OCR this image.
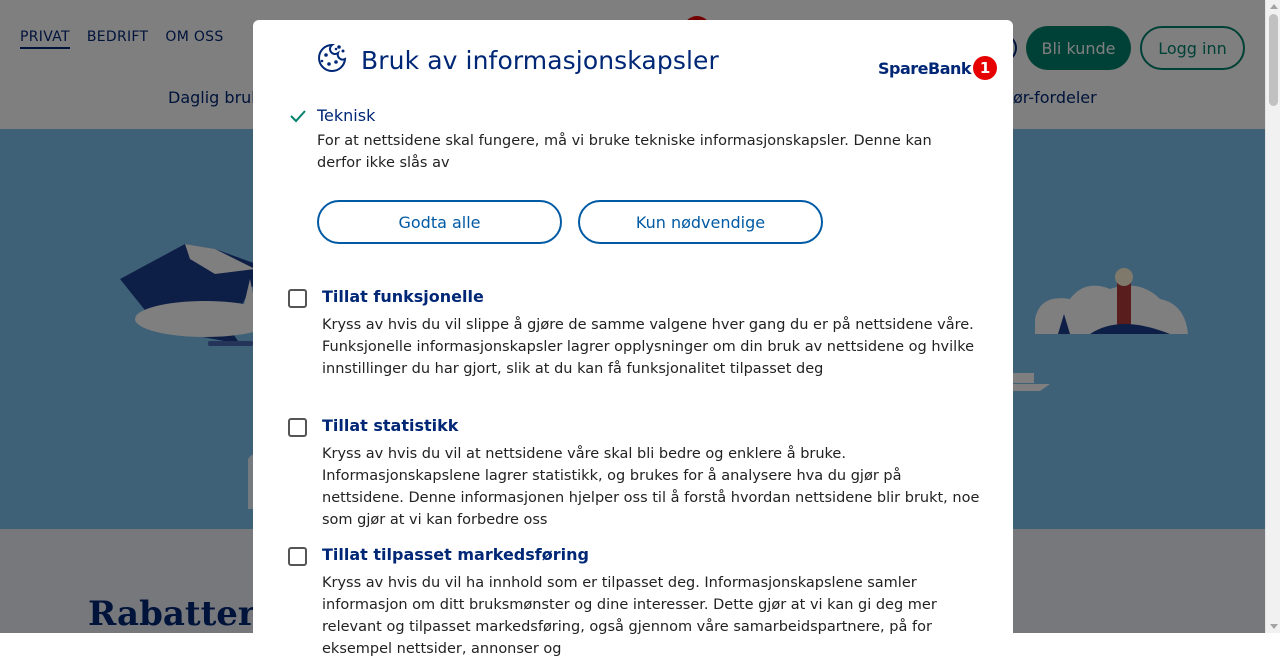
Bruk av informasjonskapsler	SpareBank 1
Teknisk
For at nettsidene skal fungere, må vi bruke tekniske informasjonskapsler. Denne kan derfor ikke slås av
Godta alle	Kun nødvendige
Tillat funksjonelle
Kryss av hvis du vil slippe å gjøre de samme valgene hver gang du er på nettsidene våre. Funksjonelle informasjonskapsler lagrer opplysninger om din bruk av nettsidene og hvilke innstillinger du har gjort, slik at du kan få funksjonalitet tilpasset deg
Tillat statistikk
Kryss av hvis du vil at nettsidene våre skal bli bedre og enklere å bruke. Informasjonskapslene lagrer statistikk, og brukes for å analysere hva du gjør på nettsidene. Denne informasjonen hjelper oss til å forstå hvordan nettsidene blir brukt, noe som gjør at vi kan forbedre oss
Tillat tilpasset markedsføring
Kryss av hvis du vil ha innhold som er tilpasset deg. Informasjonskapslene samler informasjon om ditt bruksmønster og dine interesser. Dette gjør at vi kan gi deg mer relevant og tilpasset markedsføring, også gjennom våre samarbeidspartnere, på for eksempel nettsider, annonser og
